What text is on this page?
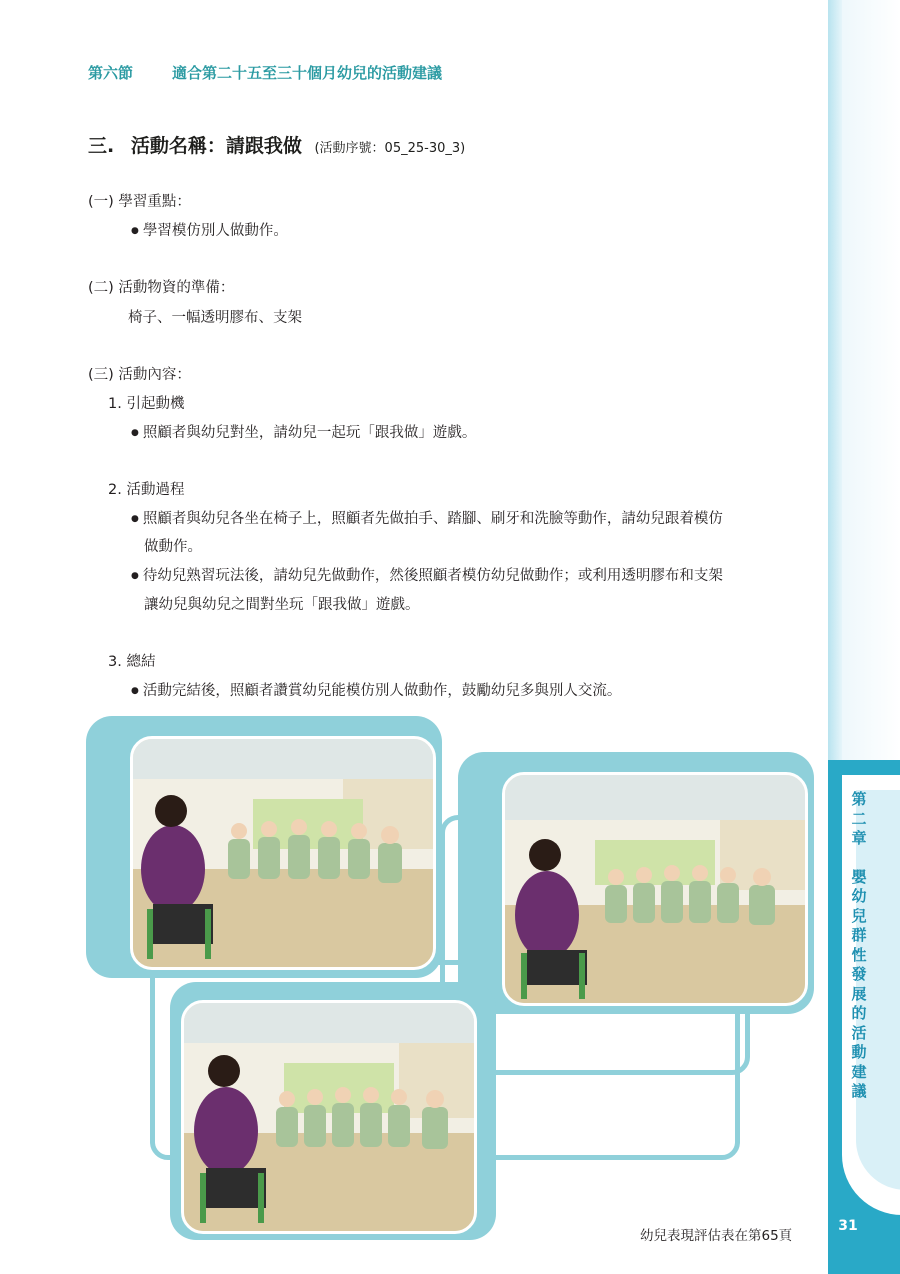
第
二
章
嬰
幼
兒
群
性
發
展
的
活
動
建
議
第六節	適合第二十五至三十個月幼兒的活動建議
三. 活動名稱：請跟我做 (活動序號：05_25-30_3)
(一) 學習重點：
● 學習模仿別人做動作。
(二) 活動物資的準備：
椅子、一幅透明膠布、支架
(三) 活動內容：
1. 引起動機
● 照顧者與幼兒對坐，請幼兒一起玩「跟我做」遊戲。
2. 活動過程
● 照顧者與幼兒各坐在椅子上，照顧者先做拍手、踏腳、刷牙和洗臉等動作，請幼兒跟着模仿
做動作。
● 待幼兒熟習玩法後，請幼兒先做動作，然後照顧者模仿幼兒做動作；或利用透明膠布和支架
讓幼兒與幼兒之間對坐玩「跟我做」遊戲。
3. 總結
● 活動完結後，照顧者讚賞幼兒能模仿別人做動作，鼓勵幼兒多與別人交流。
幼兒表現評估表在第65頁
31
